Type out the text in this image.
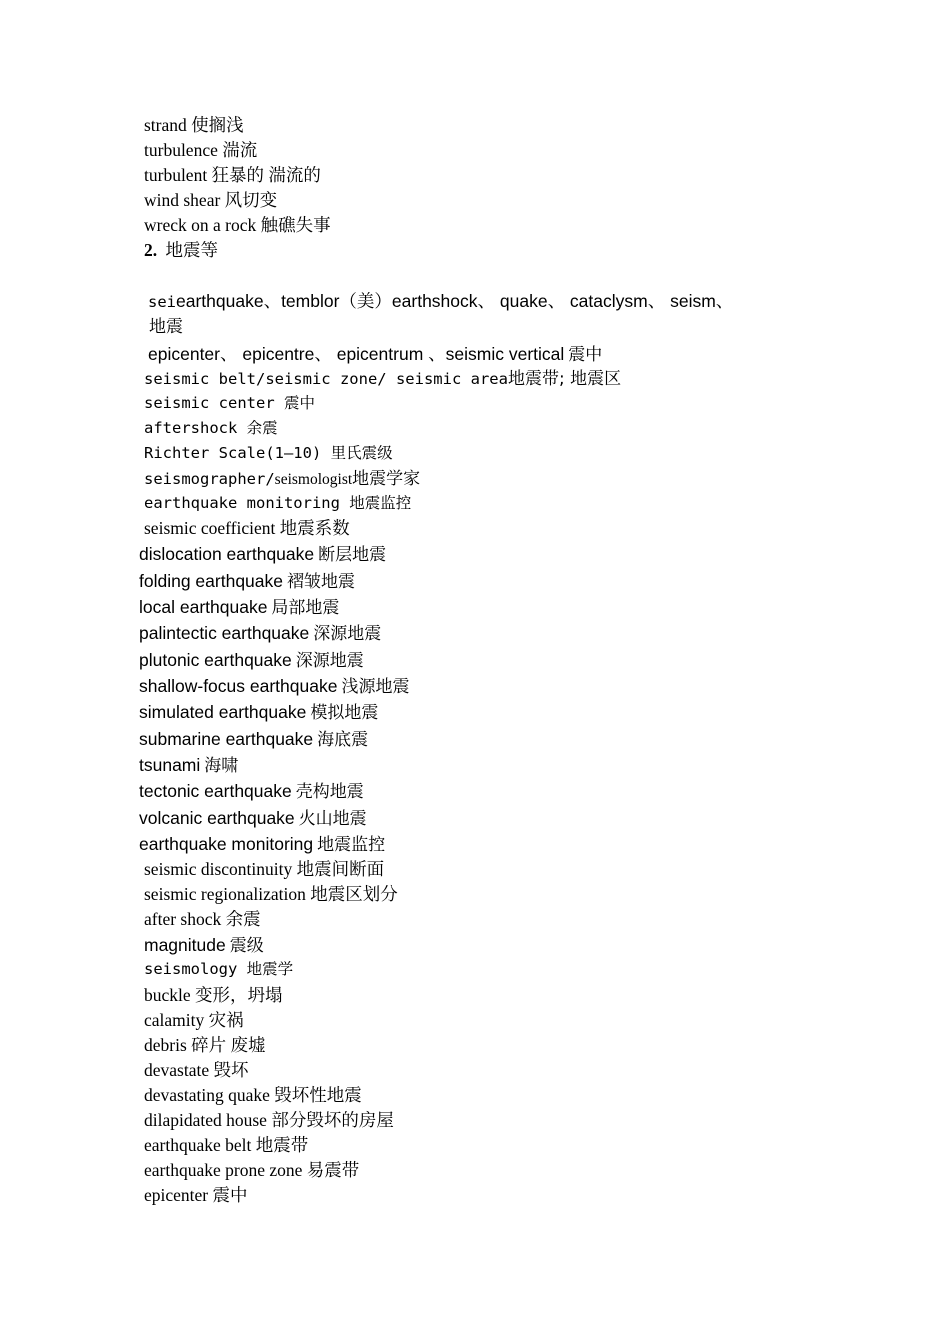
strand 使搁浅
turbulence 湍流
turbulent 狂暴的 湍流的
wind shear 风切变
wreck on a rock 触礁失事
2. 地震等
seiearthquake、temblor（美）earthshock、 quake、 cataclysm、 seism、
地震
epicenter、 epicentre、 epicentrum 、seismic vertical 震中
seismic belt/seismic zone/ seismic area地震带; 地震区
seismic center 震中
aftershock 余震
Richter Scale(1—10) 里氏震级
seismographer/seismologist地震学家
earthquake monitoring 地震监控
seismic coefficient 地震系数
dislocation earthquake 断层地震
folding earthquake 褶皱地震
local earthquake 局部地震
palintectic earthquake 深源地震
plutonic earthquake 深源地震
shallow-focus earthquake 浅源地震
simulated earthquake 模拟地震
submarine earthquake 海底震
tsunami 海啸
tectonic earthquake 壳构地震
volcanic earthquake 火山地震
earthquake monitoring 地震监控
seismic discontinuity 地震间断面
seismic regionalization 地震区划分
after shock 余震
magnitude 震级
seismology 地震学
buckle 变形，坍塌
calamity 灾祸
debris 碎片 废墟
devastate 毁坏
devastating quake 毁坏性地震
dilapidated house 部分毁坏的房屋
earthquake belt 地震带
earthquake prone zone 易震带
epicenter 震中
